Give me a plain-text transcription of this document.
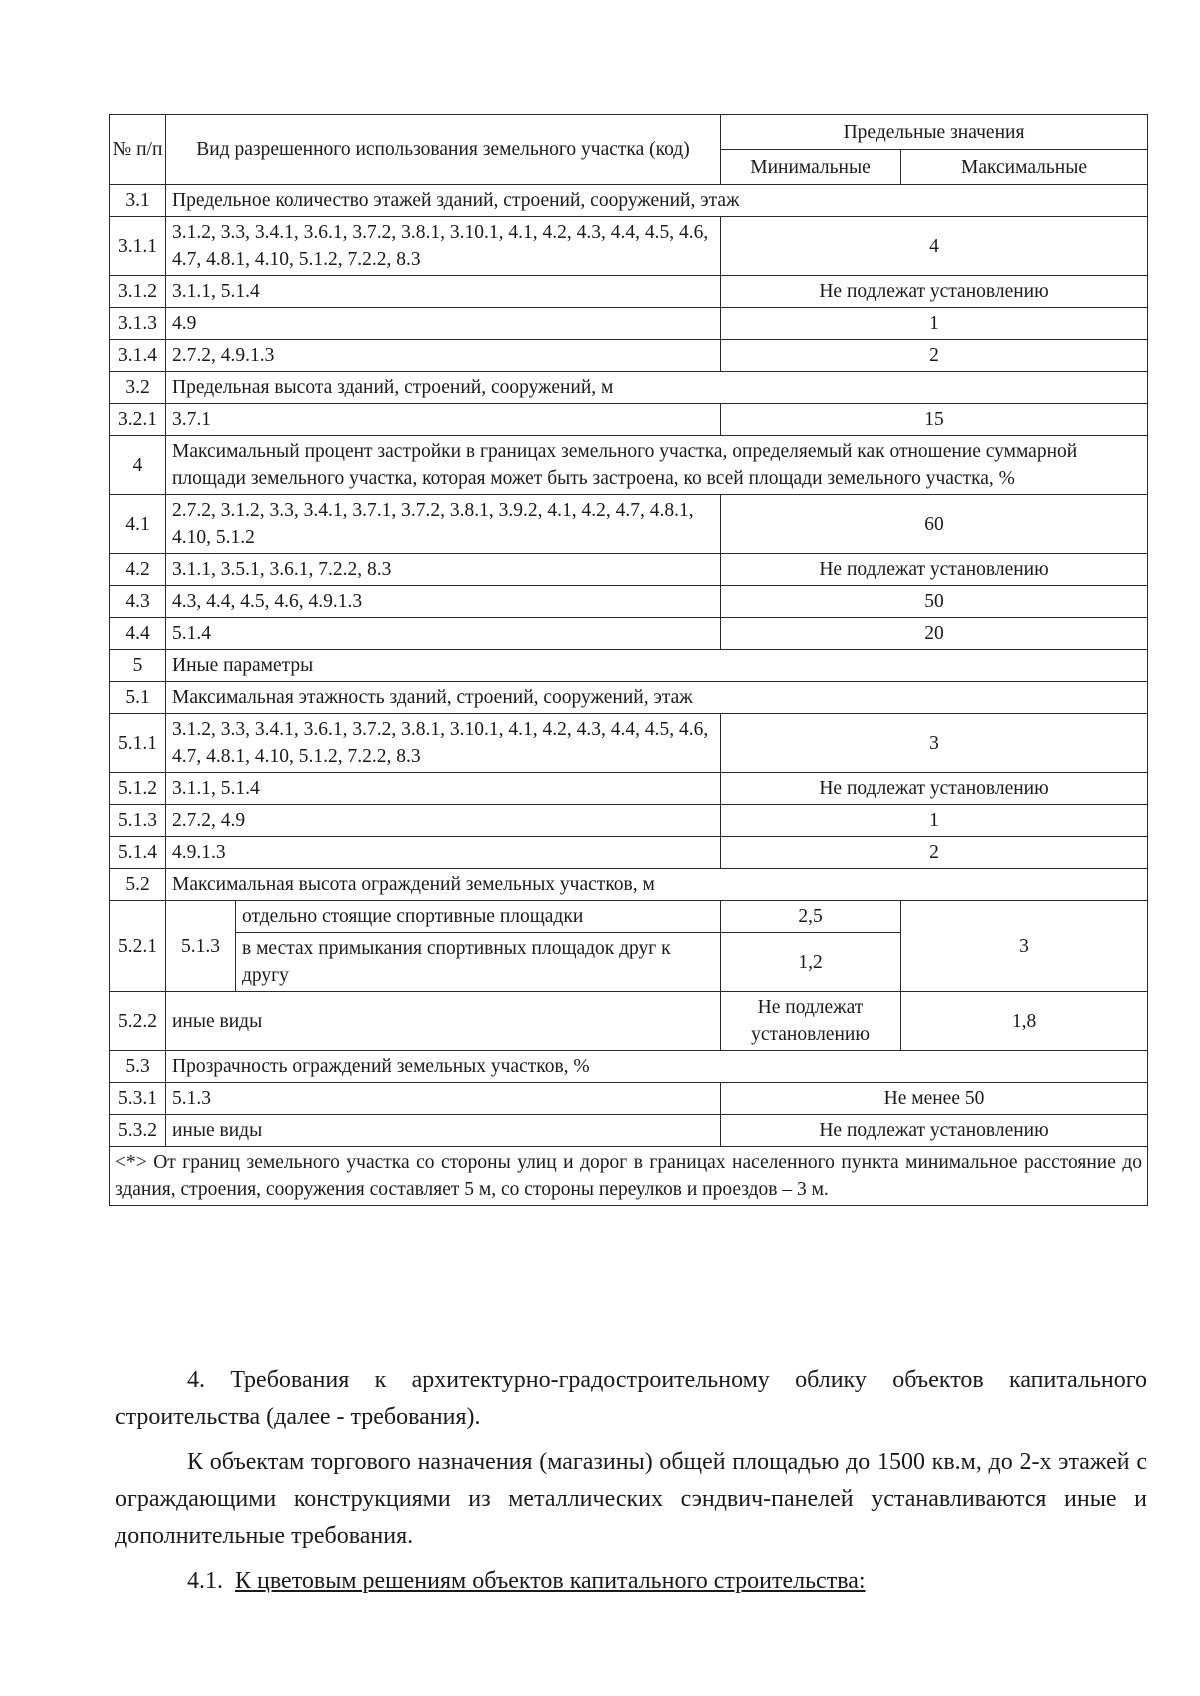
№ п/п	Вид разрешенного использования земельного участка (код)		Предельные значения	
			Минимальные	Максимальные
3.1	Предельное количество этажей зданий, строений, сооружений, этаж			
3.1.1	3.1.2, 3.3, 3.4.1, 3.6.1, 3.7.2, 3.8.1, 3.10.1, 4.1, 4.2, 4.3, 4.4, 4.5, 4.6, 4.7, 4.8.1, 4.10, 5.1.2, 7.2.2, 8.3		4	
3.1.2	3.1.1, 5.1.4		Не подлежат установлению	
3.1.3	4.9		1	
3.1.4	2.7.2, 4.9.1.3		2	
3.2	Предельная высота зданий, строений, сооружений, м			
3.2.1	3.7.1		15	
4	Максимальный процент застройки в границах земельного участка, определяемый как отношение суммарной площади земельного участка, которая может быть застроена, ко всей площади земельного участка, %			
4.1	2.7.2, 3.1.2, 3.3, 3.4.1, 3.7.1, 3.7.2, 3.8.1, 3.9.2, 4.1, 4.2, 4.7, 4.8.1, 4.10, 5.1.2		60	
4.2	3.1.1, 3.5.1, 3.6.1, 7.2.2, 8.3		Не подлежат установлению	
4.3	4.3, 4.4, 4.5, 4.6, 4.9.1.3		50	
4.4	5.1.4		20	
5	Иные параметры			
5.1	Максимальная этажность зданий, строений, сооружений, этаж			
5.1.1	3.1.2, 3.3, 3.4.1, 3.6.1, 3.7.2, 3.8.1, 3.10.1, 4.1, 4.2, 4.3, 4.4, 4.5, 4.6, 4.7, 4.8.1, 4.10, 5.1.2, 7.2.2, 8.3		3	
5.1.2	3.1.1, 5.1.4		Не подлежат установлению	
5.1.3	2.7.2, 4.9		1	
5.1.4	4.9.1.3		2	
5.2	Максимальная высота ограждений земельных участков, м			
5.2.1	5.1.3	отдельно стоящие спортивные площадки	2,5	3
		в местах примыкания спортивных площадок друг к другу	1,2	
5.2.2	иные виды		Не подлежат установлению	1,8
5.3	Прозрачность ограждений земельных участков, %			
5.3.1	5.1.3		Не менее 50	
5.3.2	иные виды		Не подлежат установлению	
<*> От границ земельного участка со стороны улиц и дорог в границах населенного пункта минимальное расстояние до здания, строения, сооружения составляет 5 м, со стороны переулков и проездов – 3 м.				

4. Требования к архитектурно-градостроительному облику объектов капитального строительства (далее - требования).

К объектам торгового назначения (магазины) общей площадью до 1500 кв.м, до 2-х этажей с ограждающими конструкциями из металлических сэндвич-панелей устанавливаются иные и дополнительные требования.

4.1. К цветовым решениям объектов капитального строительства:
